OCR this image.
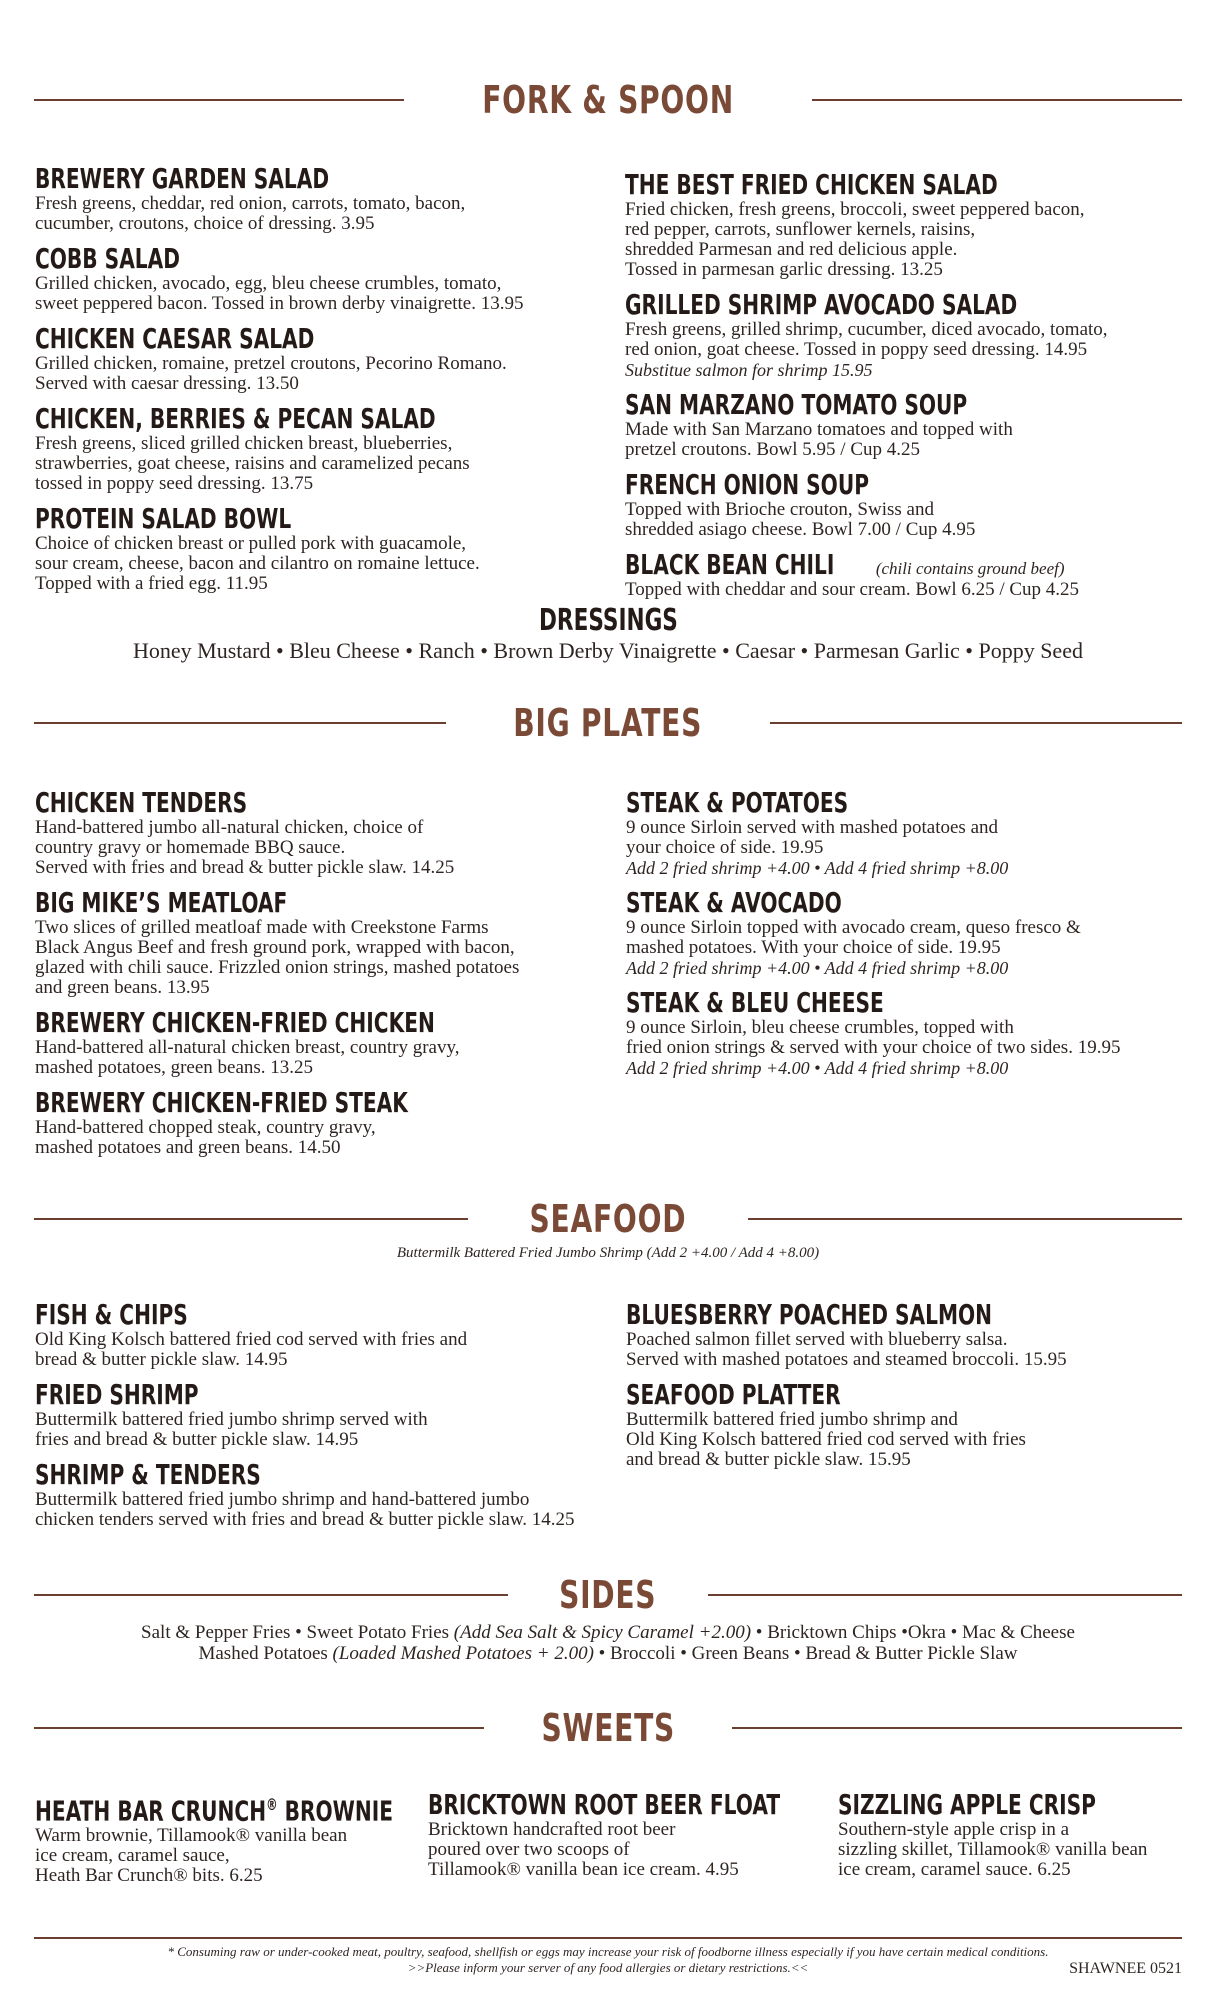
FORK & SPOON
BREWERY GARDEN SALAD
Fresh greens, cheddar, red onion, carrots, tomato, bacon,
cucumber, croutons, choice of dressing. 3.95
COBB SALAD
Grilled chicken, avocado, egg, bleu cheese crumbles, tomato,
sweet peppered bacon. Tossed in brown derby vinaigrette. 13.95
CHICKEN CAESAR SALAD
Grilled chicken, romaine, pretzel croutons, Pecorino Romano.
Served with caesar dressing. 13.50
CHICKEN, BERRIES & PECAN SALAD
Fresh greens, sliced grilled chicken breast, blueberries,
strawberries, goat cheese, raisins and caramelized pecans
tossed in poppy seed dressing. 13.75
PROTEIN SALAD BOWL
Choice of chicken breast or pulled pork with guacamole,
sour cream, cheese, bacon and cilantro on romaine lettuce.
Topped with a fried egg. 11.95
THE BEST FRIED CHICKEN SALAD
Fried chicken, fresh greens, broccoli, sweet peppered bacon,
red pepper, carrots, sunflower kernels, raisins,
shredded Parmesan and red delicious apple.
Tossed in parmesan garlic dressing. 13.25
GRILLED SHRIMP AVOCADO SALAD
Fresh greens, grilled shrimp, cucumber, diced avocado, tomato,
red onion, goat cheese. Tossed in poppy seed dressing. 14.95
Substitue salmon for shrimp 15.95
SAN MARZANO TOMATO SOUP
Made with San Marzano tomatoes and topped with
pretzel croutons. Bowl 5.95 / Cup 4.25
FRENCH ONION SOUP
Topped with Brioche crouton, Swiss and
shredded asiago cheese. Bowl 7.00 / Cup 4.95
BLACK BEAN CHILI (chili contains ground beef)
Topped with cheddar and sour cream. Bowl 6.25 / Cup 4.25
DRESSINGS
Honey Mustard • Bleu Cheese • Ranch • Brown Derby Vinaigrette • Caesar • Parmesan Garlic • Poppy Seed
BIG PLATES
CHICKEN TENDERS
Hand-battered jumbo all-natural chicken, choice of
country gravy or homemade BBQ sauce.
Served with fries and bread & butter pickle slaw. 14.25
BIG MIKE’S MEATLOAF
Two slices of grilled meatloaf made with Creekstone Farms
Black Angus Beef and fresh ground pork, wrapped with bacon,
glazed with chili sauce. Frizzled onion strings, mashed potatoes
and green beans. 13.95
BREWERY CHICKEN-FRIED CHICKEN
Hand-battered all-natural chicken breast, country gravy,
mashed potatoes, green beans. 13.25
BREWERY CHICKEN-FRIED STEAK
Hand-battered chopped steak, country gravy,
mashed potatoes and green beans. 14.50
STEAK & POTATOES
9 ounce Sirloin served with mashed potatoes and
your choice of side. 19.95
Add 2 fried shrimp +4.00 • Add 4 fried shrimp +8.00
STEAK & AVOCADO
9 ounce Sirloin topped with avocado cream, queso fresco &
mashed potatoes. With your choice of side. 19.95
Add 2 fried shrimp +4.00 • Add 4 fried shrimp +8.00
STEAK & BLEU CHEESE
9 ounce Sirloin, bleu cheese crumbles, topped with
fried onion strings & served with your choice of two sides. 19.95
Add 2 fried shrimp +4.00 • Add 4 fried shrimp +8.00
SEAFOOD
Buttermilk Battered Fried Jumbo Shrimp (Add 2 +4.00 / Add 4 +8.00)
FISH & CHIPS
Old King Kolsch battered fried cod served with fries and
bread & butter pickle slaw. 14.95
FRIED SHRIMP
Buttermilk battered fried jumbo shrimp served with
fries and bread & butter pickle slaw. 14.95
SHRIMP & TENDERS
Buttermilk battered fried jumbo shrimp and hand-battered jumbo
chicken tenders served with fries and bread & butter pickle slaw. 14.25
BLUESBERRY POACHED SALMON
Poached salmon fillet served with blueberry salsa.
Served with mashed potatoes and steamed broccoli. 15.95
SEAFOOD PLATTER
Buttermilk battered fried jumbo shrimp and
Old King Kolsch battered fried cod served with fries
and bread & butter pickle slaw. 15.95
SIDES
Salt & Pepper Fries • Sweet Potato Fries (Add Sea Salt & Spicy Caramel +2.00) • Bricktown Chips •Okra • Mac & Cheese
Mashed Potatoes (Loaded Mashed Potatoes + 2.00) • Broccoli • Green Beans • Bread & Butter Pickle Slaw
SWEETS
HEATH BAR CRUNCH® BROWNIE
Warm brownie, Tillamook® vanilla bean
ice cream, caramel sauce,
Heath Bar Crunch® bits. 6.25
BRICKTOWN ROOT BEER FLOAT
Bricktown handcrafted root beer
poured over two scoops of
Tillamook® vanilla bean ice cream. 4.95
SIZZLING APPLE CRISP
Southern-style apple crisp in a
sizzling skillet, Tillamook® vanilla bean
ice cream, caramel sauce. 6.25
* Consuming raw or under-cooked meat, poultry, seafood, shellfish or eggs may increase your risk of foodborne illness especially if you have certain medical conditions.
>>Please inform your server of any food allergies or dietary restrictions.<<	SHAWNEE 0521
